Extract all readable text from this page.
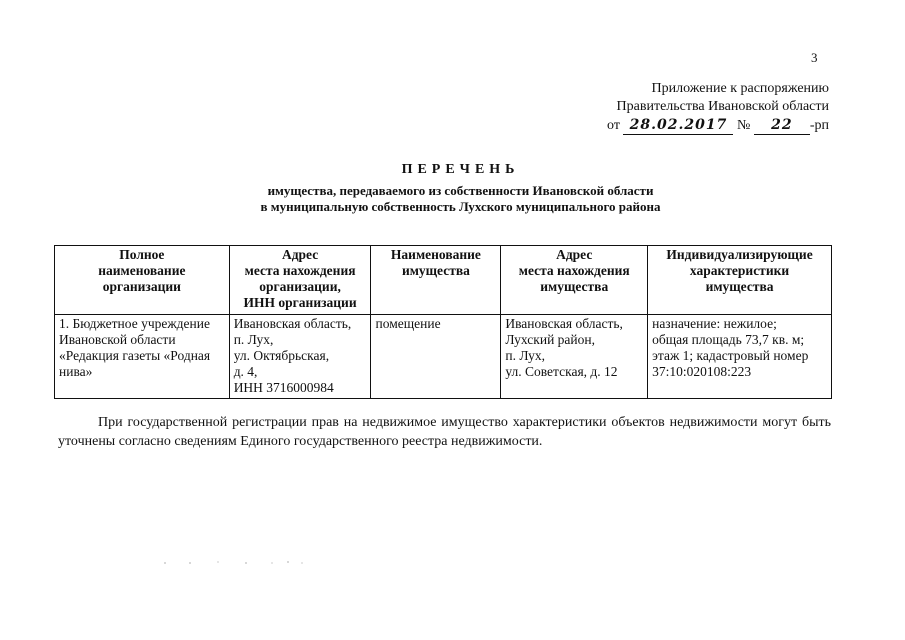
3
Приложение к распоряжению
Правительства Ивановской области
от 28.02.2017 № 22 -рп
ПЕРЕЧЕНЬ
имущества, передаваемого из собственности Ивановской области
в муниципальную собственность Лухского муниципального района
Полное
наименование
организации	Адрес
места нахождения
организации,
ИНН организации	Наименование
имущества	Адрес
места нахождения
имущества	Индивидуализирующие
характеристики
имущества
1. Бюджетное учреждение Ивановской области «Редакция газеты «Родная нива»	Ивановская область,
п. Лух,
ул. Октябрьская,
д. 4,
ИНН 3716000984	помещение	Ивановская область,
Лухский район,
п. Лух,
ул. Советская, д. 12	назначение: нежилое;
общая площадь 73,7 кв. м;
этаж 1; кадастровый номер
37:10:020108:223
При государственной регистрации прав на недвижимое имущество характеристики объектов недвижимости могут быть уточнены согласно сведениям Единого государственного реестра недвижимости.
